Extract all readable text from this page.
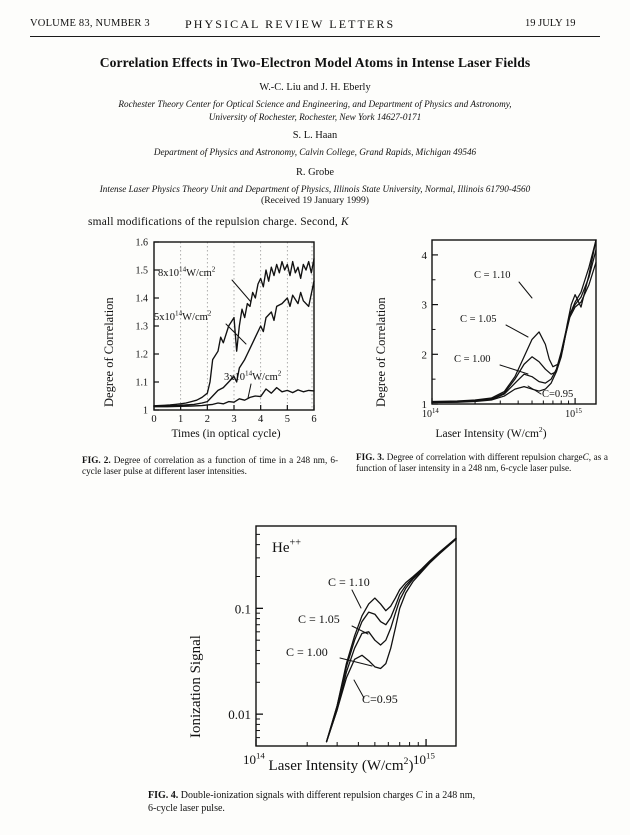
VOLUME 83, NUMBER 3	PHYSICAL REVIEW LETTERS	19 JULY 19
Correlation Effects in Two-Electron Model Atoms in Intense Laser Fields
W.-C. Liu and J. H. Eberly
Rochester Theory Center for Optical Science and Engineering, and Department of Physics and Astronomy,
University of Rochester, Rochester, New York 14627-0171
S. L. Haan
Department of Physics and Astronomy, Calvin College, Grand Rapids, Michigan 49546
R. Grobe
Intense Laser Physics Theory Unit and Department of Physics, Illinois State University, Normal, Illinois 61790-4560
(Received 19 January 1999)
small modifications of the repulsion charge. Second, K
Degree of Correlation
1
1.1
1.2
1.3
1.4
1.5
1.6
0 1 2 3 4 5 6
$8x10^{14}W/cm^2$
$5x10^{14}W/cm^2$
$3x10^{14}W/cm^2$
Times (in optical cycle)
FIG. 2. Degree of correlation as a function of time in a 248 nm, 6-cycle laser pulse at different laser intensities.
Degree of Correlation	1
2
3
4
$10^{14}$	$10^{15}$
C = 1.10
C = 1.05
C = 1.00
C=0.95
Laser Intensity $(W/cm^2)$
FIG. 3. Degree of correlation with different repulsion chargeC, as a function of laser intensity in a 248 nm, 6-cycle laser pulse.
Ionization Signal 0.01
0.1
$10^{14}$	$10^{15}$
He++
C = 1.10
C = 1.05
C = 1.00
C=0.95
Laser Intensity $(W/cm^2)$
FIG. 4. Double-ionization signals with different repulsion charges C in a 248 nm, 6-cycle laser pulse.
